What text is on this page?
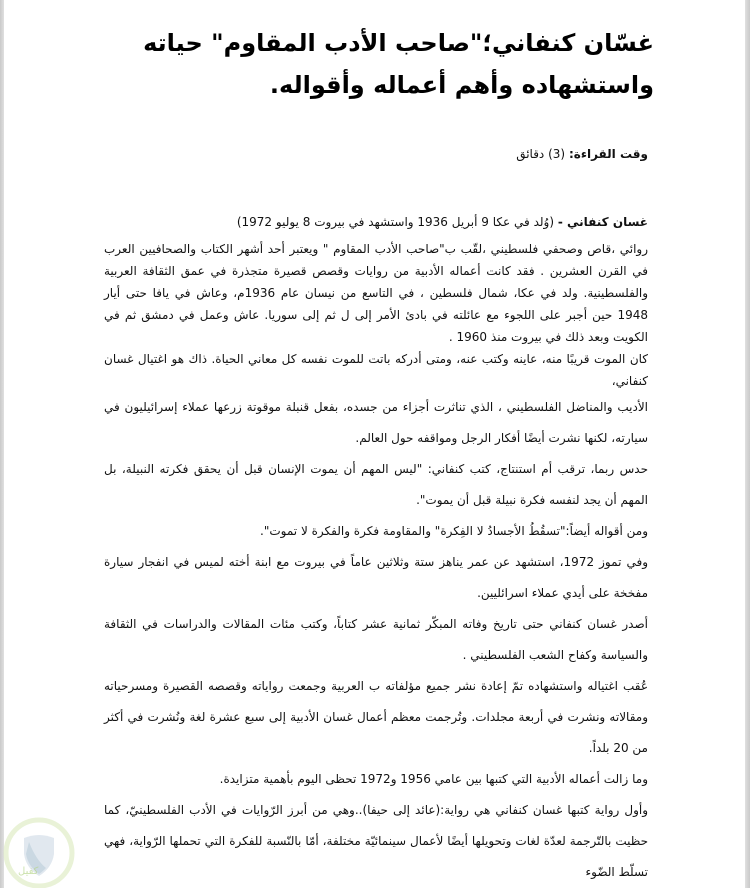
غسّان كنفاني؛"صاحب الأدب المقاوم" حياته واستشهاده وأهم أعماله وأقواله.
وقت القراءة: (3) دقائق

غسان كنفاني - (وُلد في عكا 9 أبريل 1936 واستشهد في بيروت 8 يوليو 1972)

روائي ،قاص وصحفي فلسطيني ،لقّب ب"صاحب الأدب المقاوم " ويعتبر أحد أشهر الكتاب والصحافيين العرب في القرن العشرين . فقد كانت أعماله الأدبية من روايات وقصص قصيرة متجذرة في عمق الثقافة العربية والفلسطينية. ولد في عكا، شمال فلسطين ، في التاسع من نيسان عام 1936م، وعاش في يافا حتى أيار 1948 حين أجبر على اللجوء مع عائلته في بادئ الأمر إلى ل ثم إلى سوريا. عاش وعمل في دمشق ثم في الكويت وبعد ذلك في بيروت منذ 1960 .

كان الموت قريبًا منه، عاينه وكتب عنه، ومتى أدركه باتت للموت نفسه كل معاني الحياة. ذاك هو اغتيال غسان كنفاني،

الأديب والمناضل الفلسطيني ، الذي تناثرت أجزاء من جسده، بفعل قنبلة موقوتة زرعها عملاء إسرائيليون في سيارته، لكنها نشرت أيضًا أفكار الرجل ومواقفه حول العالم.

حدس ربما، ترقب أم استنتاج، كتب كنفاني: "ليس المهم أن يموت الإنسان قبل أن يحقق فكرته النبيلة، بل المهم أن يجد لنفسه فكرة نبيلة قبل أن يموت".

ومن أقواله أيضاً:"تسقُطُ الأجسادُ لا الفِكرة" والمقاومة فكرة والفكرة لا تموت".

وفي تموز 1972، استشهد عن عمر يناهز ستة وثلاثين عاماً في بيروت مع ابنة أخته لميس في انفجار سيارة مفخخة على أيدي عملاء اسرائليين.

أصدر غسان كنفاني حتى تاريخ وفاته المبكّر ثمانية عشر كتاباً، وكتب مئات المقالات والدراسات في الثقافة والسياسة وكفاح الشعب الفلسطيني .

عُقب اغتياله واستشهاده تمّ إعادة نشر جميع مؤلفاته ب العربية وجمعت رواياته وقصصه القصيرة ومسرحياته ومقالاته ونشرت في أربعة مجلدات. وتُرجمت معظم أعمال غسان الأدبية إلى سبع عشرة لغة ونُشرت في أكثر من 20 بلداً.

وما زالت أعماله الأدبية التي كتبها بين عامي 1956 و1972 تحظى اليوم بأهمية متزايدة.

وأول رواية كتبها غسان كنفاني هي رواية:(عائد إلى حيفا)..وهي من أبرز الرّوايات في الأدب الفلسطينيّ، كما حظيت بالتّرجمة لعدّة لغات وتحويلها أيضًا لأعمال سينمائيّة مختلفة، أمّا بالنّسبة للفكرة التي تحملها الرّواية، فهي تسلّط الضّوء

كفيل
